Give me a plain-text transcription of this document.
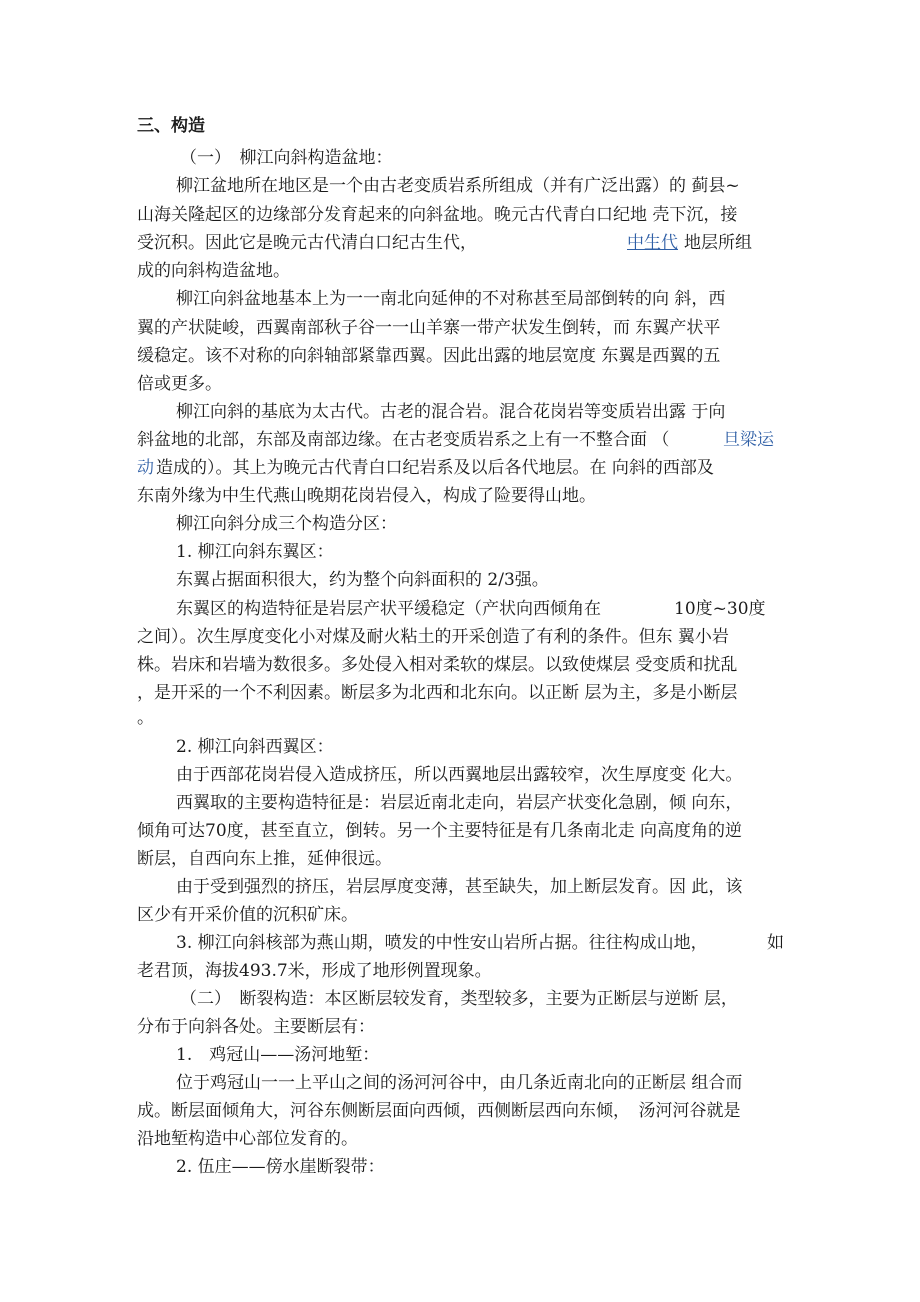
三、构造
（一）　柳江向斜构造盆地：
柳江盆地所在地区是一个由古老变质岩系所组成（并有广泛出露）的 蓟县~
山海关隆起区的边缘部分发育起来的向斜盆地。晚元古代青白口纪地 壳下沉，接
受沉积。因此它是晚元古代清白口纪古生代，	中生代 地层所组
成的向斜构造盆地。
柳江向斜盆地基本上为一一南北向延伸的不对称甚至局部倒转的向 斜，西
翼的产状陡峻，西翼南部秋子谷一一山羊寨一带产状发生倒转，而 东翼产状平
缓稳定。该不对称的向斜轴部紧靠西翼。因此出露的地层宽度 东翼是西翼的五
倍或更多。
柳江向斜的基底为太古代。古老的混合岩。混合花岗岩等变质岩出露 于向
斜盆地的北部，东部及南部边缘。在古老变质岩系之上有一不整合面 （	旦梁运
动 造成的）。其上为晚元古代青白口纪岩系及以后各代地层。在 向斜的西部及
东南外缘为中生代燕山晚期花岗岩侵入，构成了险要得山地。
柳江向斜分成三个构造分区：
1. 柳江向斜东翼区：
东翼占据面积很大，约为整个向斜面积的 2/3强。
东翼区的构造特征是岩层产状平缓稳定（产状向西倾角在	10度~30度
之间）。次生厚度变化小对煤及耐火粘土的开采创造了有利的条件。但东 翼小岩
株。岩床和岩墙为数很多。多处侵入相对柔软的煤层。以致使煤层 受变质和扰乱
，是开采的一个不利因素。断层多为北西和北东向。以正断 层为主，多是小断层
。
2. 柳江向斜西翼区：
由于西部花岗岩侵入造成挤压，所以西翼地层出露较窄，次生厚度变 化大。
西翼取的主要构造特征是：岩层近南北走向，岩层产状变化急剧，倾 向东，
倾角可达70度，甚至直立，倒转。另一个主要特征是有几条南北走 向高度角的逆
断层，自西向东上推，延伸很远。
由于受到强烈的挤压，岩层厚度变薄，甚至缺失，加上断层发育。因 此，该
区少有开采价值的沉积矿床。
3. 柳江向斜核部为燕山期，喷发的中性安山岩所占据。往往构成山地，	如
老君顶，海拔493.7米，形成了地形例置现象。
（二）　断裂构造：本区断层较发育，类型较多，主要为正断层与逆断 层，
分布于向斜各处。主要断层有：
1.　鸡冠山——汤河地堑：
位于鸡冠山一一上平山之间的汤河河谷中，由几条近南北向的正断层 组合而
成。断层面倾角大，河谷东侧断层面向西倾，西侧断层西向东倾，　汤河河谷就是
沿地堑构造中心部位发育的。
2. 伍庄——傍水崖断裂带：
